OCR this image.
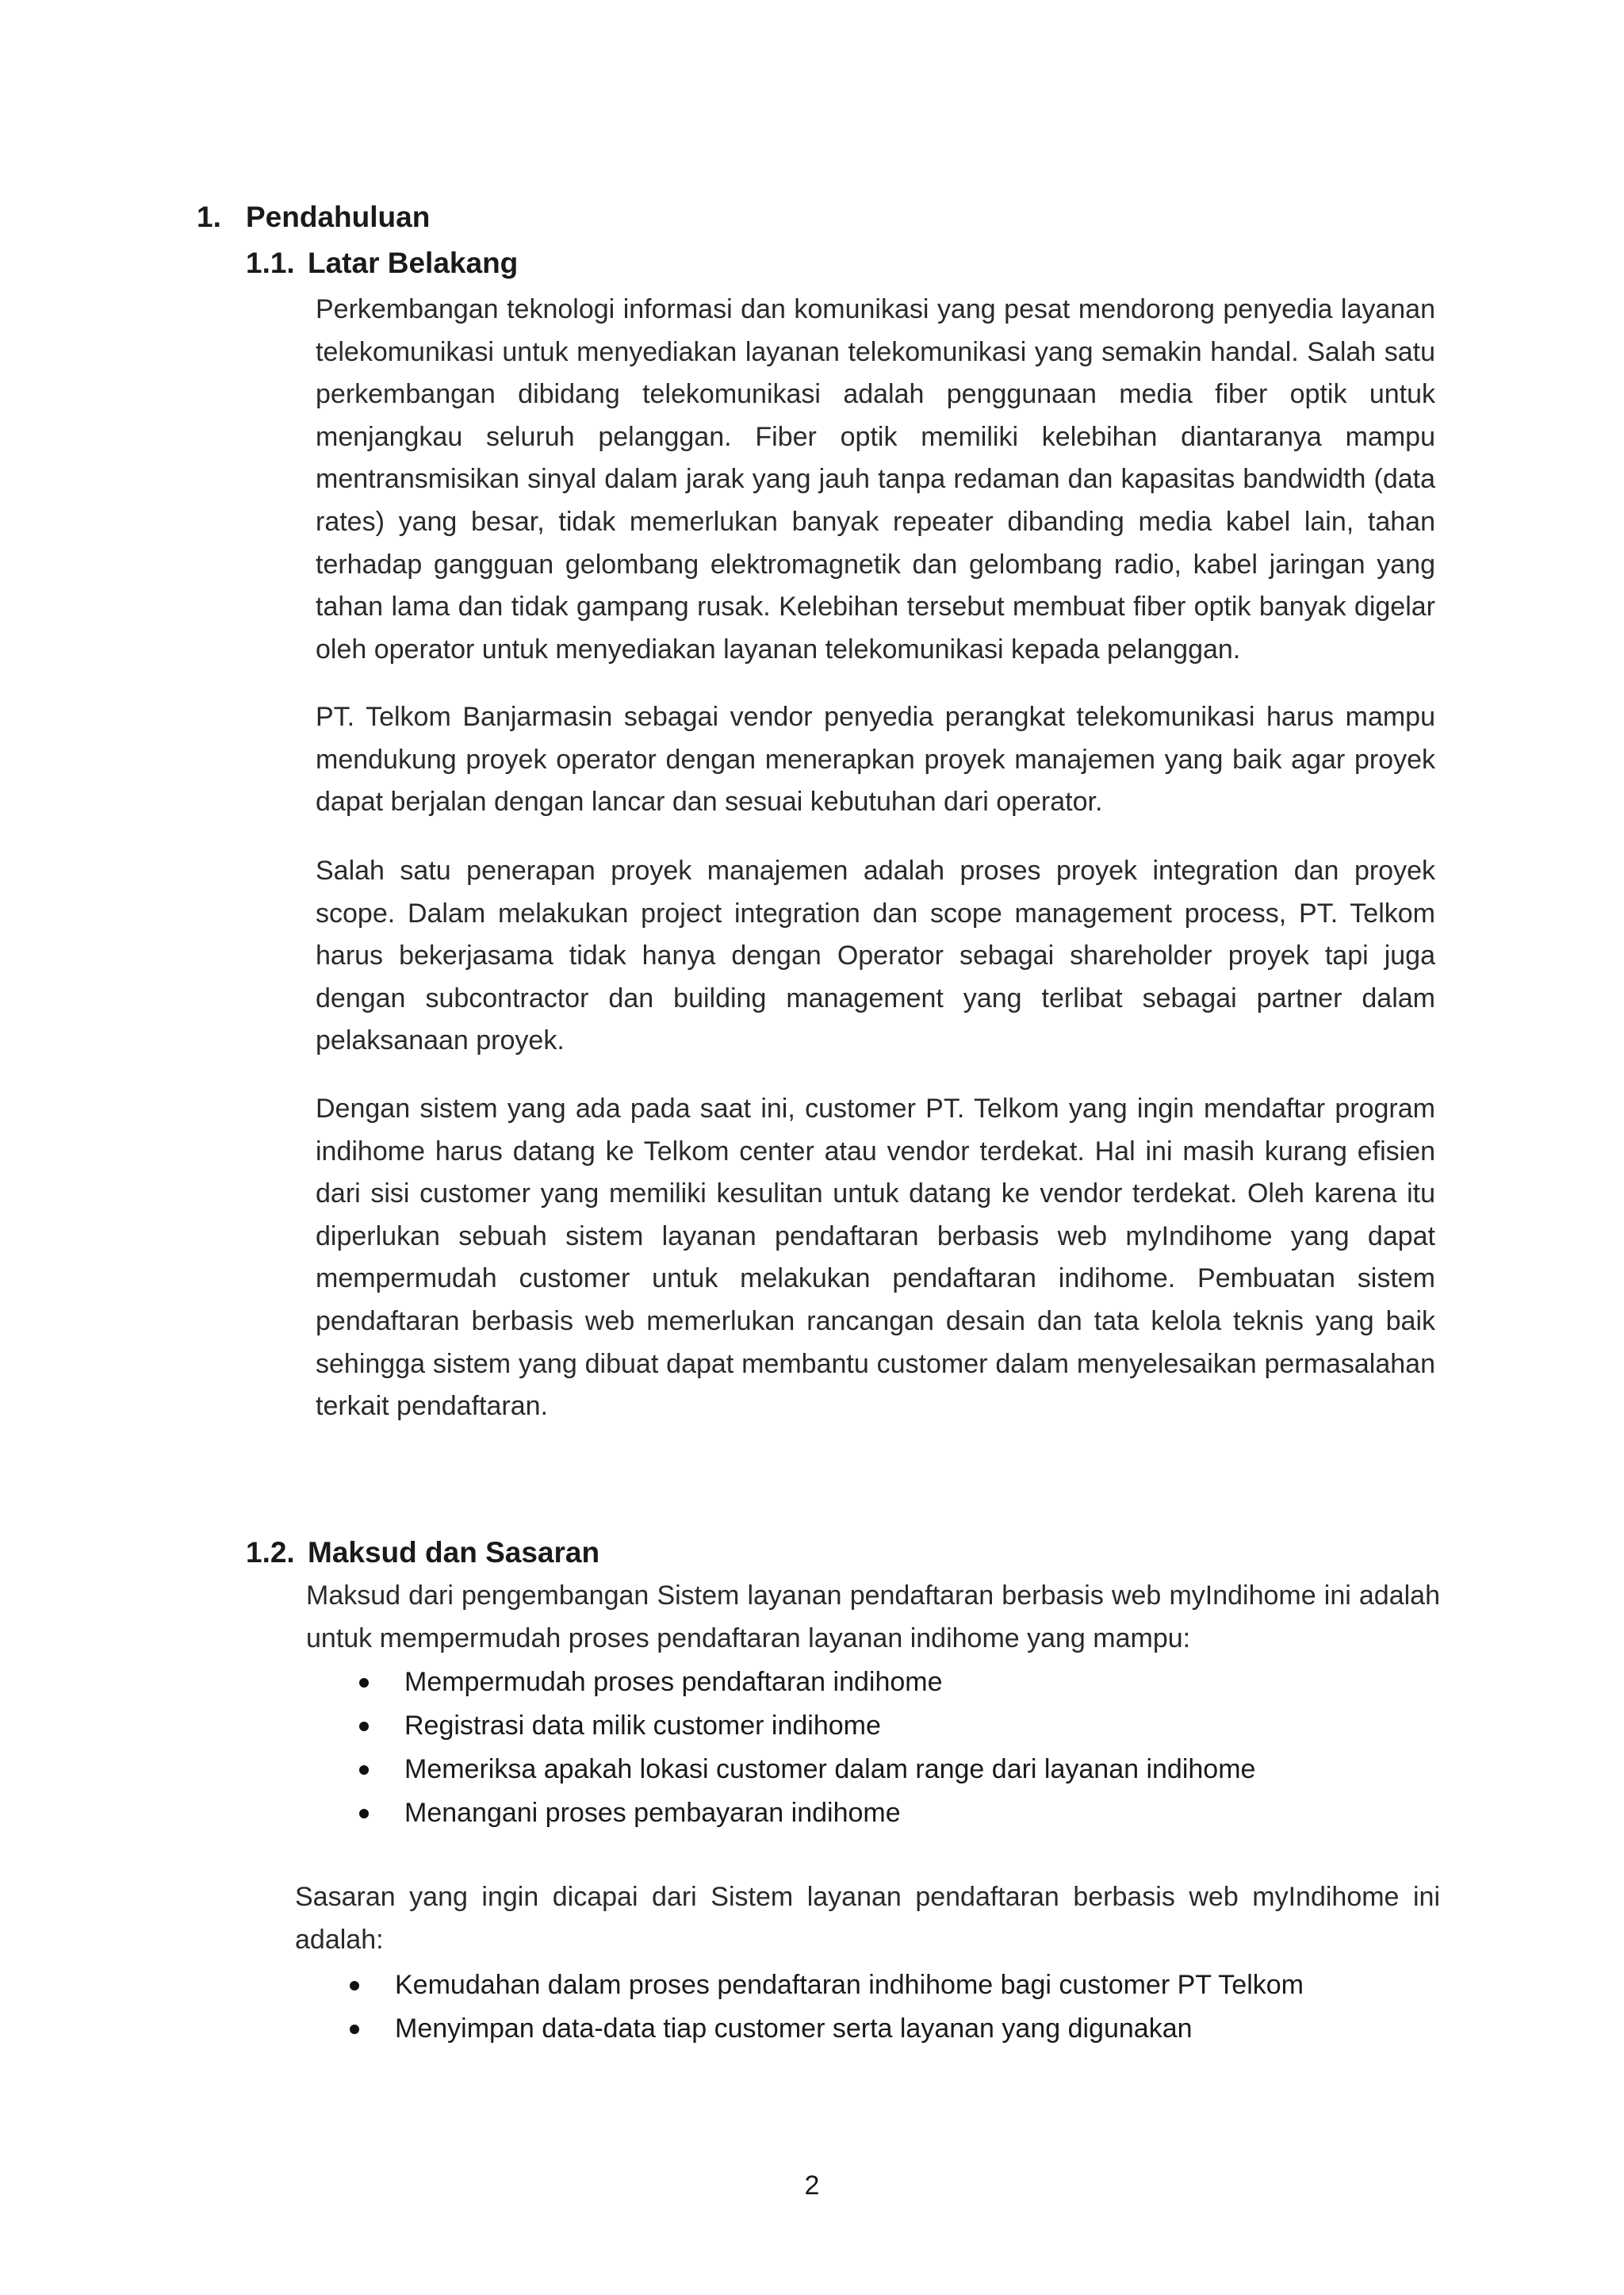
1. Pendahuluan
1.1. Latar Belakang

Perkembangan teknologi informasi dan komunikasi yang pesat mendorong penyedia layanan telekomunikasi untuk menyediakan layanan telekomunikasi yang semakin handal. Salah satu perkembangan dibidang telekomunikasi adalah penggunaan media fiber optik untuk menjangkau seluruh pelanggan. Fiber optik memiliki kelebihan diantaranya mampu mentransmisikan sinyal dalam jarak yang jauh tanpa redaman dan kapasitas bandwidth (data rates) yang besar, tidak memerlukan banyak repeater dibanding media kabel lain, tahan terhadap gangguan gelombang elektromagnetik dan gelombang radio, kabel jaringan yang tahan lama dan tidak gampang rusak. Kelebihan tersebut membuat fiber optik banyak digelar oleh operator untuk menyediakan layanan telekomunikasi kepada pelanggan.

PT. Telkom Banjarmasin sebagai vendor penyedia perangkat telekomunikasi harus mampu mendukung proyek operator dengan menerapkan proyek manajemen yang baik agar proyek dapat berjalan dengan lancar dan sesuai kebutuhan dari operator.

Salah satu penerapan proyek manajemen adalah proses proyek integration dan proyek scope. Dalam melakukan project integration dan scope management process, PT. Telkom harus bekerjasama tidak hanya dengan Operator sebagai shareholder proyek tapi juga dengan subcontractor dan building management yang terlibat sebagai partner dalam pelaksanaan proyek.

Dengan sistem yang ada pada saat ini, customer PT. Telkom yang ingin mendaftar program indihome harus datang ke Telkom center atau vendor terdekat. Hal ini masih kurang efisien dari sisi customer yang memiliki kesulitan untuk datang ke vendor terdekat. Oleh karena itu diperlukan sebuah sistem layanan pendaftaran berbasis web myIndihome yang dapat mempermudah customer untuk melakukan pendaftaran indihome. Pembuatan sistem pendaftaran berbasis web memerlukan rancangan desain dan tata kelola teknis yang baik sehingga sistem yang dibuat dapat membantu customer dalam menyelesaikan permasalahan terkait pendaftaran.

1.2. Maksud dan Sasaran

Maksud dari pengembangan Sistem layanan pendaftaran berbasis web myIndihome ini adalah untuk mempermudah proses pendaftaran layanan indihome yang mampu:

Mempermudah proses pendaftaran indihome
Registrasi data milik customer indihome
Memeriksa apakah lokasi customer dalam range dari layanan indihome
Menangani proses pembayaran indihome

Sasaran yang ingin dicapai dari Sistem layanan pendaftaran berbasis web myIndihome ini adalah:

Kemudahan dalam proses pendaftaran indhihome bagi customer PT Telkom
Menyimpan data-data tiap customer serta layanan yang digunakan
2
